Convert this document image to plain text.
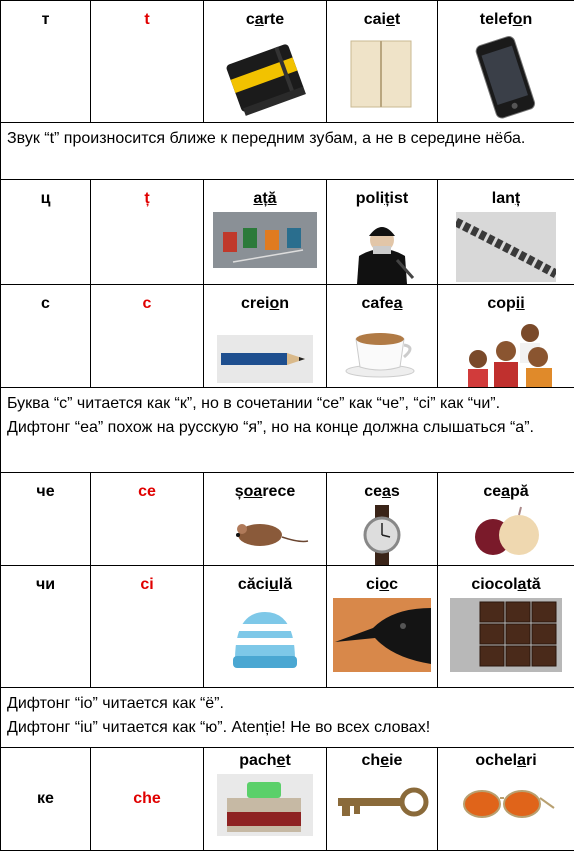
т	t	carte	caiet	telefon

Звук “t” произносится ближе к передним зубам, а не в середине нёба.				
ц	ț	ață	polițist	lanț

с	c	creion	cafea	copii

Буква “c” читается как “к”, но в сочетании “ce” как “че”, “ci” как “чи”.
Дифтонг “ea” похож на русскую “я”, но на конце должна слышаться “а”.				

че	ce	șoarece	ceas	ceapă

чи	ci	căciulă	cioc	ciocolată

Дифтонг “io” читается как “ё”.
Дифтонг “iu” читается как “ю”. Atenție! Не во всех словах!				

ке	che	pachet	cheie	ochelari
